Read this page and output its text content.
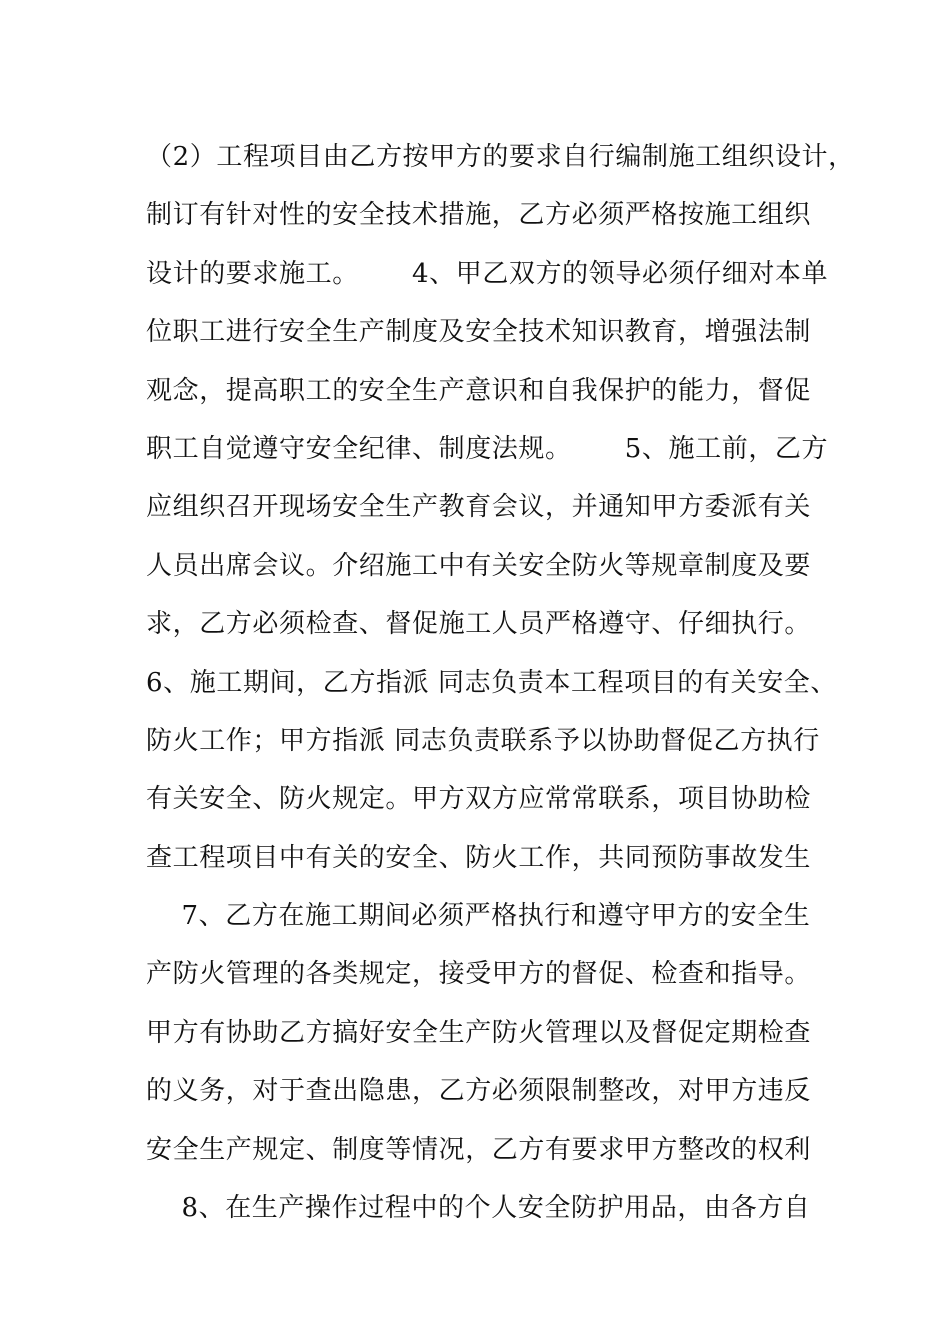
（2）工程项目由乙方按甲方的要求自行编制施工组织设计，
制订有针对性的安全技术措施，乙方必须严格按施工组织
设计的要求施工。      4、甲乙双方的领导必须仔细对本单
位职工进行安全生产制度及安全技术知识教育，增强法制
观念，提高职工的安全生产意识和自我保护的能力，督促
职工自觉遵守安全纪律、制度法规。      5、施工前，乙方
应组织召开现场安全生产教育会议，并通知甲方委派有关
人员出席会议。介绍施工中有关安全防火等规章制度及要
求，乙方必须检查、督促施工人员严格遵守、仔细执行。
6、施工期间，乙方指派 同志负责本工程项目的有关安全、
防火工作；甲方指派 同志负责联系予以协助督促乙方执行
有关安全、防火规定。甲方双方应常常联系，项目协助检
查工程项目中有关的安全、防火工作，共同预防事故发生
7、乙方在施工期间必须严格执行和遵守甲方的安全生
产防火管理的各类规定，接受甲方的督促、检查和指导。
甲方有协助乙方搞好安全生产防火管理以及督促定期检查
的义务，对于查出隐患，乙方必须限制整改，对甲方违反
安全生产规定、制度等情况，乙方有要求甲方整改的权利
8、在生产操作过程中的个人安全防护用品，由各方自
